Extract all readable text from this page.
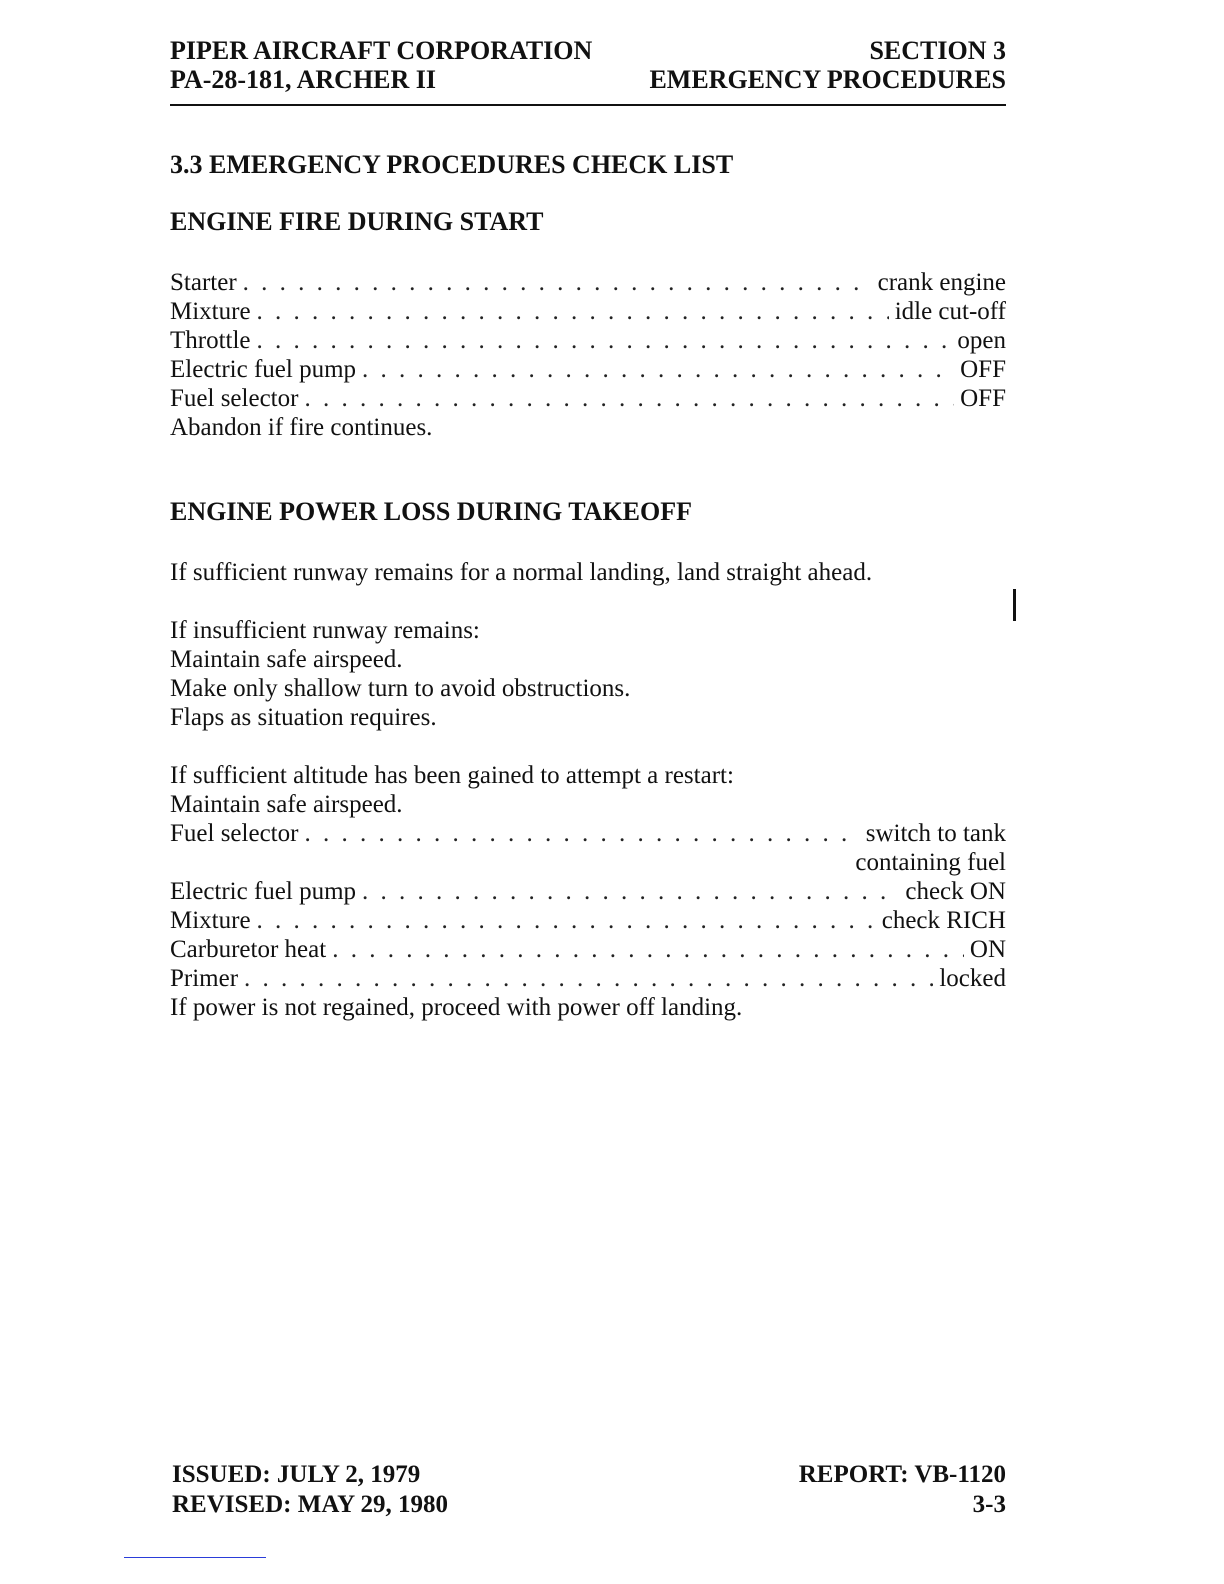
PIPER AIRCRAFT CORPORATION
PA-28-181, ARCHER II
SECTION 3
EMERGENCY PROCEDURES
3.3 EMERGENCY PROCEDURES CHECK LIST
ENGINE FIRE DURING START
Starter . . .	crank engine
Mixture . . .	idle cut-off
Throttle . . .	open
Electric fuel pump . . .	OFF
Fuel selector . . .	OFF
Abandon if fire continues.
ENGINE POWER LOSS DURING TAKEOFF
If sufficient runway remains for a normal landing, land straight ahead.
If insufficient runway remains:
Maintain safe airspeed.
Make only shallow turn to avoid obstructions.
Flaps as situation requires.
If sufficient altitude has been gained to attempt a restart:
Maintain safe airspeed.
Fuel selector . . .	switch to tank
containing fuel
Electric fuel pump . . .	check ON
Mixture . . .	check RICH
Carburetor heat . . .	ON
Primer . . .	locked
If power is not regained, proceed with power off landing.
ISSUED: JULY 2, 1979
REVISED: MAY 29, 1980
REPORT: VB-1120
3-3
